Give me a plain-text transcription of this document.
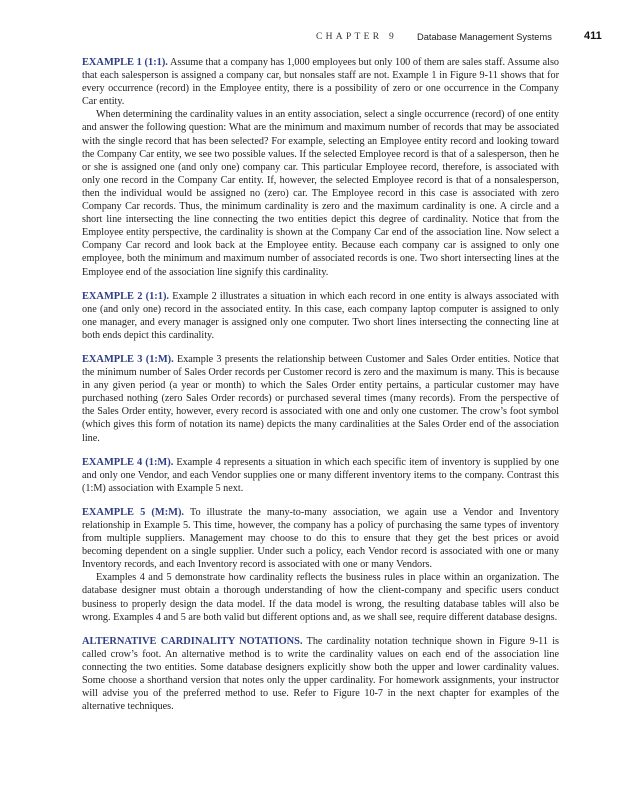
CHAPTER 9	Database Management Systems	411

EXAMPLE 1 (1:1). Assume that a company has 1,000 employees but only 100 of them are sales staff. Assume also that each salesperson is assigned a company car, but nonsales staff are not. Example 1 in Figure 9-11 shows that for every occurrence (record) in the Employee entity, there is a possibility of zero or one occurrence in the Company Car entity.

When determining the cardinality values in an entity association, select a single occurrence (record) of one entity and answer the following question: What are the minimum and maximum number of records that may be associated with the single record that has been selected? For example, selecting an Employee entity record and looking toward the Company Car entity, we see two possible values. If the selected Employee record is that of a salesperson, then he or she is assigned one (and only one) company car. This particular Employee record, therefore, is associated with only one record in the Company Car entity. If, however, the selected Employee record is that of a nonsalesperson, then the individual would be assigned no (zero) car. The Employee record in this case is associated with zero Company Car records. Thus, the minimum cardinality is zero and the maximum cardinality is one. A circle and a short line intersecting the line connecting the two entities depict this degree of cardinality. Notice that from the Employee entity perspective, the cardinality is shown at the Company Car end of the association line. Now select a Company Car record and look back at the Employee entity. Because each company car is assigned to only one employee, both the minimum and maximum number of associated records is one. Two short intersecting lines at the Employee end of the association line signify this cardinality.

EXAMPLE 2 (1:1). Example 2 illustrates a situation in which each record in one entity is always associated with one (and only one) record in the associated entity. In this case, each company laptop computer is assigned to only one manager, and every manager is assigned only one computer. Two short lines intersecting the connecting line at both ends depict this cardinality.

EXAMPLE 3 (1:M). Example 3 presents the relationship between Customer and Sales Order entities. Notice that the minimum number of Sales Order records per Customer record is zero and the maximum is many. This is because in any given period (a year or month) to which the Sales Order entity pertains, a particular customer may have purchased nothing (zero Sales Order records) or purchased several times (many records). From the perspective of the Sales Order entity, however, every record is associated with one and only one customer. The crow’s foot symbol (which gives this form of notation its name) depicts the many cardinalities at the Sales Order end of the association line.

EXAMPLE 4 (1:M). Example 4 represents a situation in which each specific item of inventory is supplied by one and only one Vendor, and each Vendor supplies one or many different inventory items to the company. Contrast this (1:M) association with Example 5 next.

EXAMPLE 5 (M:M). To illustrate the many-to-many association, we again use a Vendor and Inventory relationship in Example 5. This time, however, the company has a policy of purchasing the same types of inventory from multiple suppliers. Management may choose to do this to ensure that they get the best prices or avoid becoming dependent on a single supplier. Under such a policy, each Vendor record is associated with one or many Inventory records, and each Inventory record is associated with one or many Vendors.

Examples 4 and 5 demonstrate how cardinality reflects the business rules in place within an organization. The database designer must obtain a thorough understanding of how the client-company and specific users conduct business to properly design the data model. If the data model is wrong, the resulting database tables will also be wrong. Examples 4 and 5 are both valid but different options and, as we shall see, require different database designs.

ALTERNATIVE CARDINALITY NOTATIONS. The cardinality notation technique shown in Figure 9-11 is called crow’s foot. An alternative method is to write the cardinality values on each end of the association line connecting the two entities. Some database designers explicitly show both the upper and lower cardinality values. Some choose a shorthand version that notes only the upper cardinality. For homework assignments, your instructor will advise you of the preferred method to use. Refer to Figure 10-7 in the next chapter for examples of the alternative techniques.
